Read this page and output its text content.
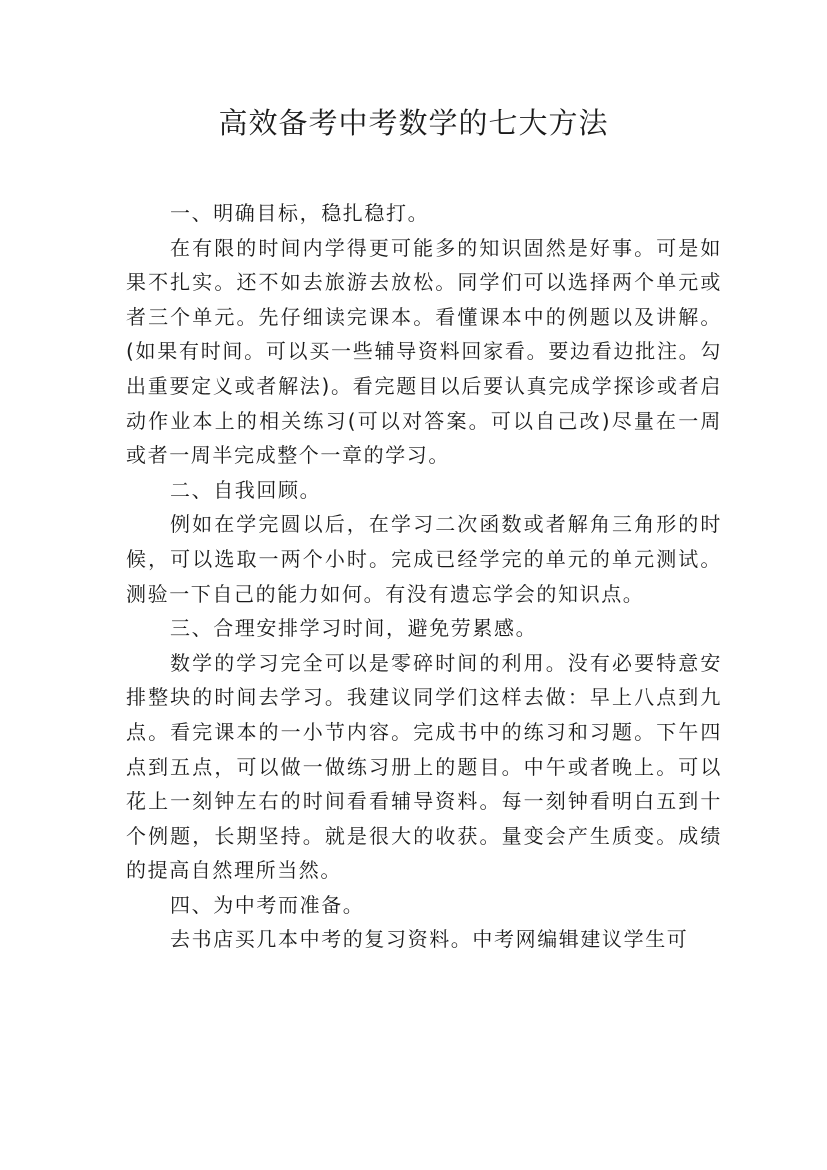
高效备考中考数学的七大方法

一、明确目标，稳扎稳打。

在有限的时间内学得更可能多的知识固然是好事。可是如果不扎实。还不如去旅游去放松。同学们可以选择两个单元或者三个单元。先仔细读完课本。看懂课本中的例题以及讲解。(如果有时间。可以买一些辅导资料回家看。要边看边批注。勾出重要定义或者解法)。看完题目以后要认真完成学探诊或者启动作业本上的相关练习(可以对答案。可以自己改)尽量在一周或者一周半完成整个一章的学习。

二、自我回顾。

例如在学完圆以后，在学习二次函数或者解角三角形的时候，可以选取一两个小时。完成已经学完的单元的单元测试。测验一下自己的能力如何。有没有遗忘学会的知识点。

三、合理安排学习时间，避免劳累感。

数学的学习完全可以是零碎时间的利用。没有必要特意安排整块的时间去学习。我建议同学们这样去做：早上八点到九点。看完课本的一小节内容。完成书中的练习和习题。下午四点到五点，可以做一做练习册上的题目。中午或者晚上。可以花上一刻钟左右的时间看看辅导资料。每一刻钟看明白五到十个例题，长期坚持。就是很大的收获。量变会产生质变。成绩的提高自然理所当然。

四、为中考而准备。

去书店买几本中考的复习资料。中考网编辑建议学生可
